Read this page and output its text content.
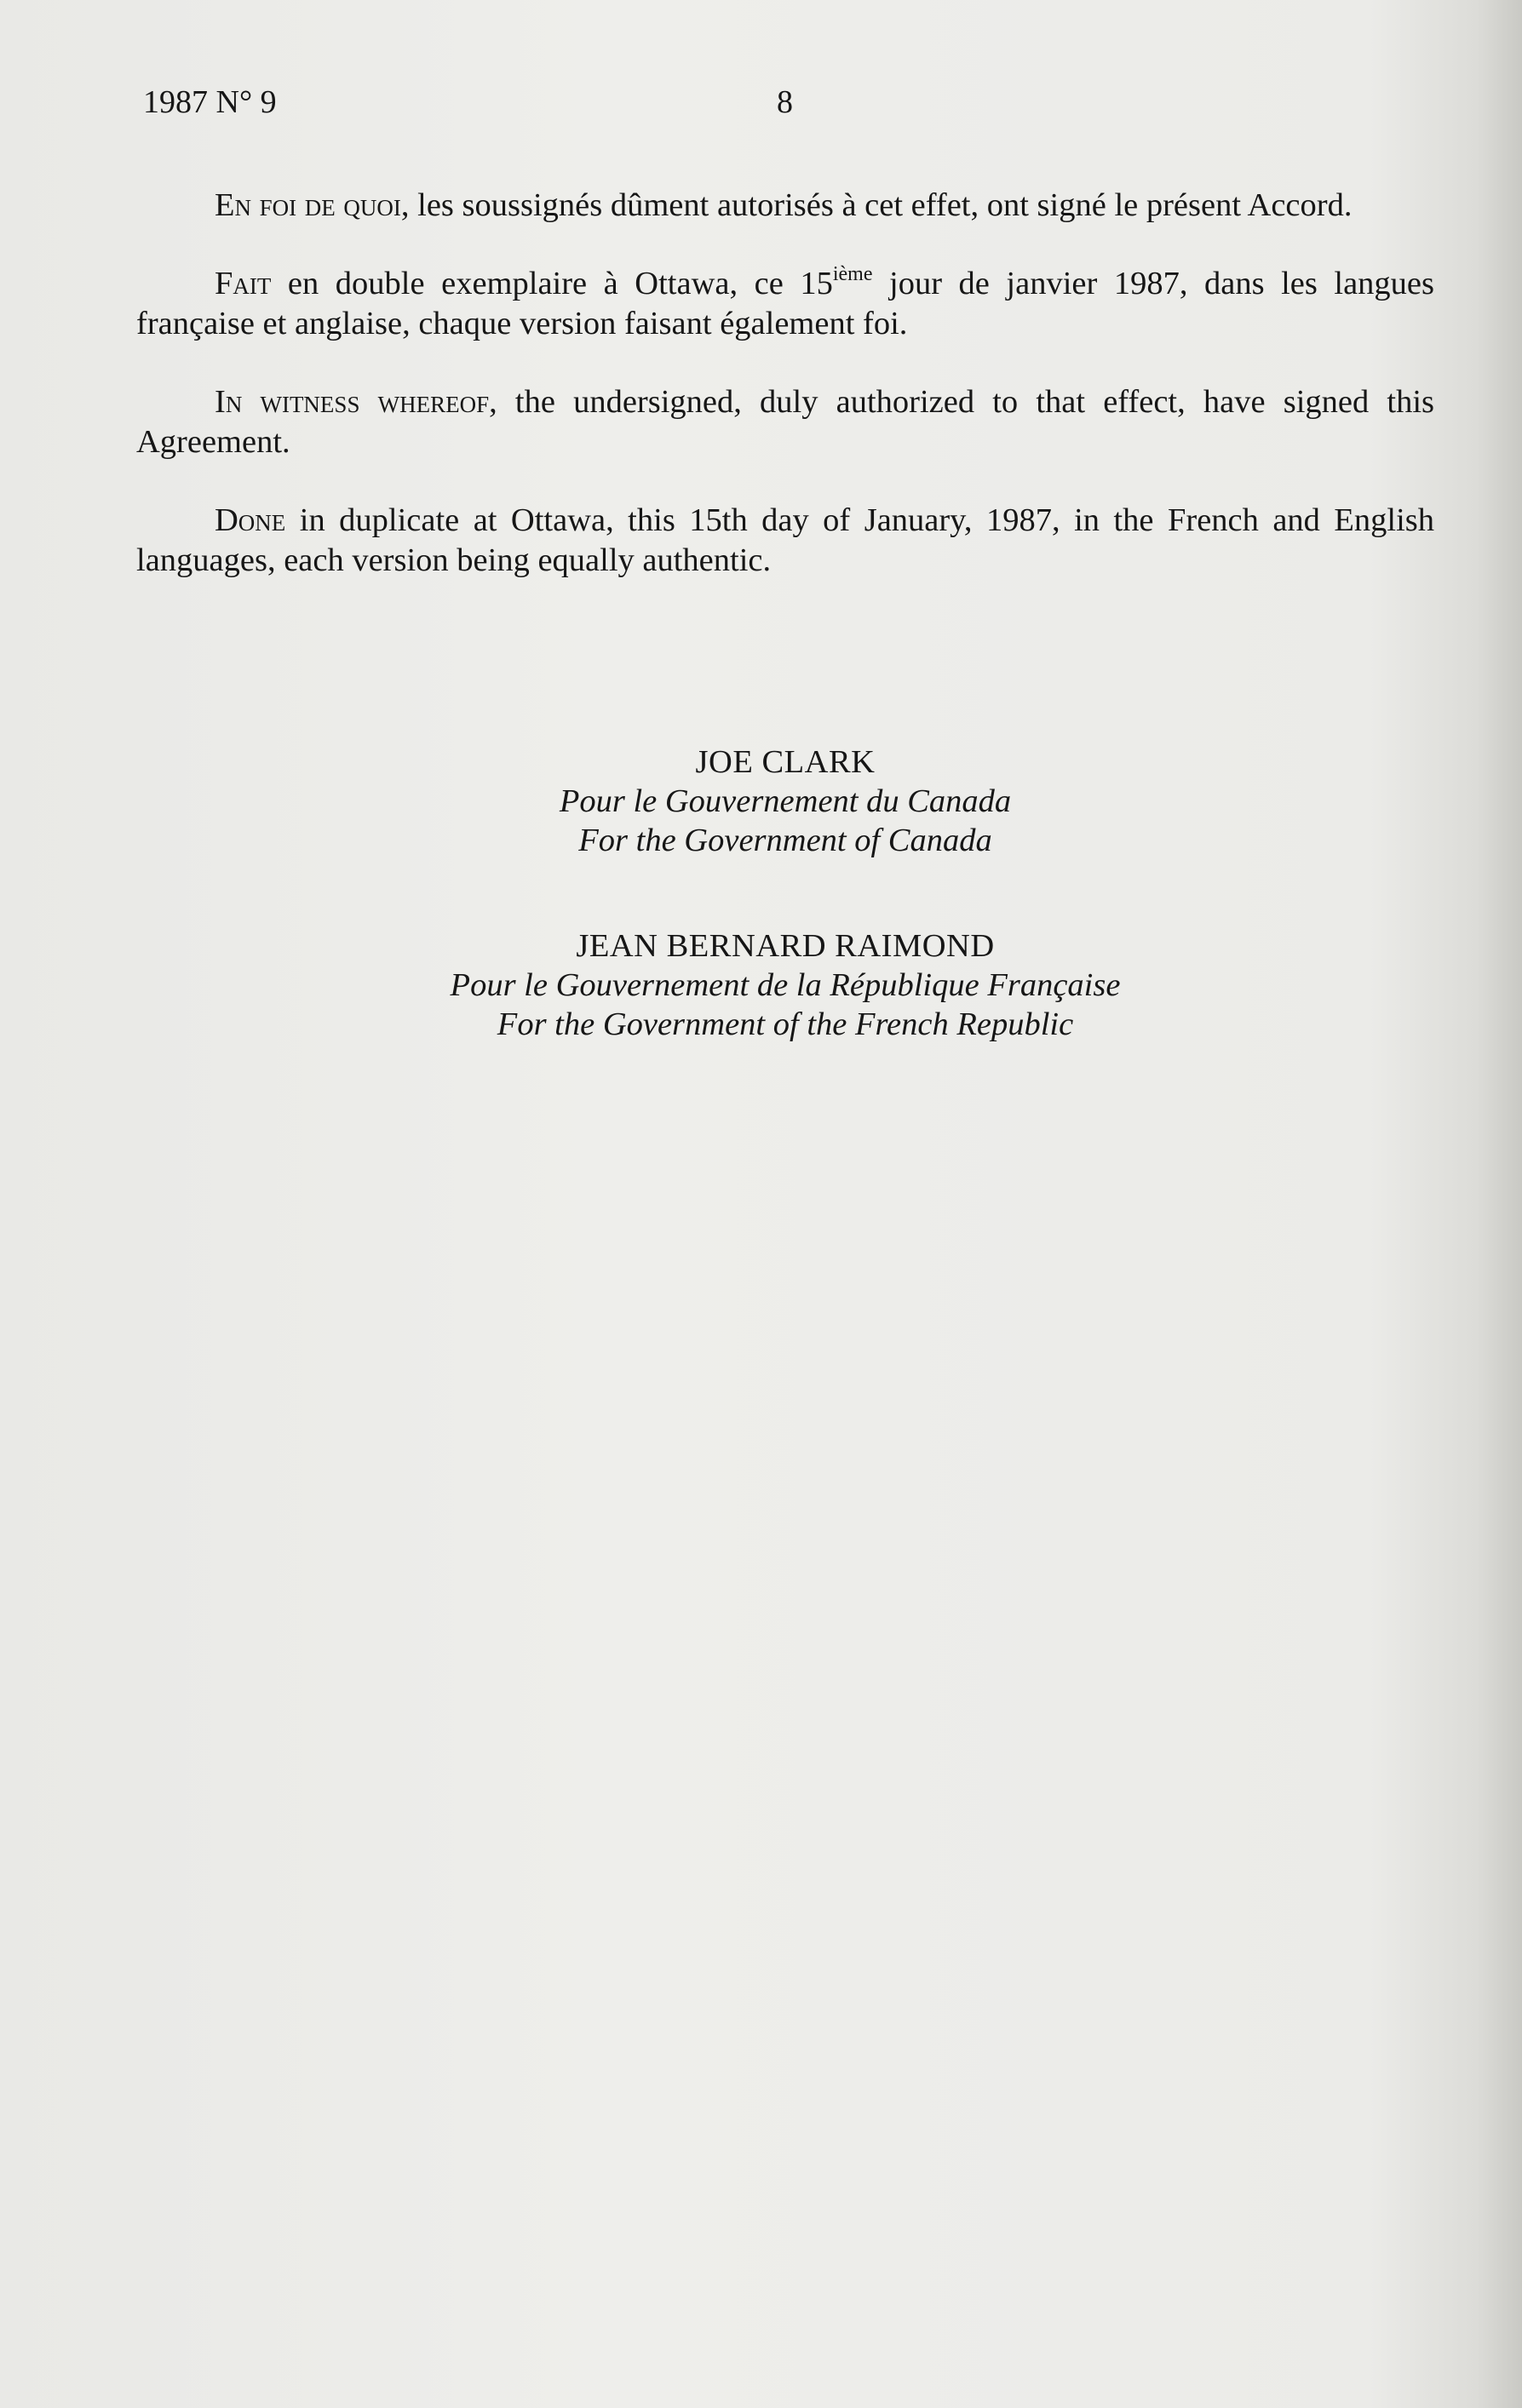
1987 N° 9	8

En foi de quoi, les soussignés dûment autorisés à cet effet, ont signé le présent Accord.

Fait en double exemplaire à Ottawa, ce 15ième jour de janvier 1987, dans les langues française et anglaise, chaque version faisant également foi.

In witness whereof, the undersigned, duly authorized to that effect, have signed this Agreement.

Done in duplicate at Ottawa, this 15th day of January, 1987, in the French and English languages, each version being equally authentic.

JOE CLARK
Pour le Gouvernement du Canada
For the Government of Canada
JEAN BERNARD RAIMOND
Pour le Gouvernement de la République Française
For the Government of the French Republic
